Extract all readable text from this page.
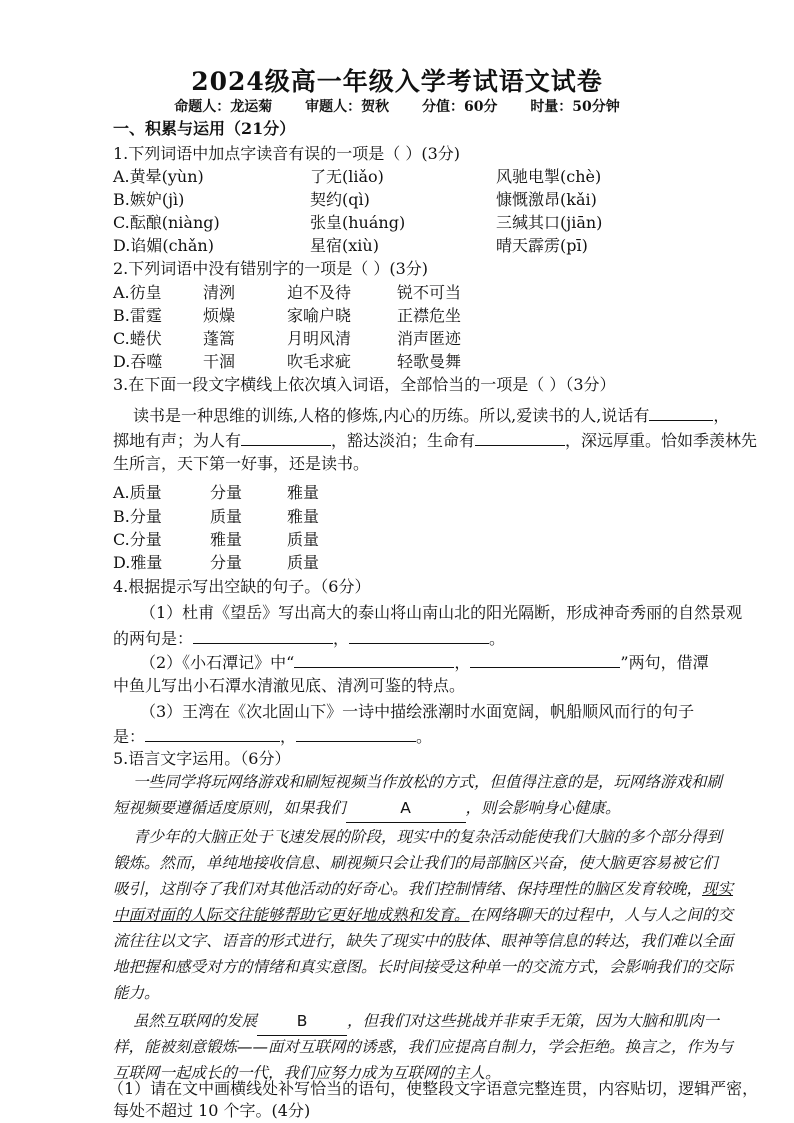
2024级高一年级入学考试语文试卷
命题人：龙运菊 审题人：贺秋 分值：60分 时量：50分钟
一、积累与运用（21分）
1.下列词语中加点字读音有误的一项是（ ）(3分)
A.黄晕(yùn)	了无(liǎo)	风驰电掣(chè)
B.嫉妒(jì)	契约(qì)	慷慨激昂(kǎi)
C.酝酿(niàng)	张皇(huáng)	三缄其口(jiān)
D.谄媚(chǎn)	星宿(xiù)	晴天霹雳(pī)
2.下列词语中没有错别字的一项是（ ）(3分)
A.彷皇	清洌	迫不及待	锐不可当
B.雷霆	烦燥	家喻户晓	正襟危坐
C.蜷伏	蓬篙	月明风清	消声匿迹
D.吞噬	干涸	吹毛求疵	轻歌曼舞
3.在下面一段文字横线上依次填入词语，全部恰当的一项是（ ）（3分）
读书是一种思维的训练,人格的修炼,内心的历练。所以,爱读书的人,说话有	，
掷地有声；为人有	，豁达淡泊；生命有	，深远厚重。恰如季羡林先
生所言，天下第一好事，还是读书。
A.质量	分量	雅量
B.分量	质量	雅量
C.分量	雅量	质量
D.雅量	分量	质量
4.根据提示写出空缺的句子。（6分）
（1）杜甫《望岳》写出高大的泰山将山南山北的阳光隔断，形成神奇秀丽的自然景观
的两句是：	，	。
（2）《小石潭记》中“	，	”两句，借潭
中鱼儿写出小石潭水清澈见底、清冽可鉴的特点。
（3）王湾在《次北固山下》一诗中描绘涨潮时水面宽阔，帆船顺风而行的句子
是：	，	。
5.语言文字运用。（6分）
一些同学将玩网络游戏和刷短视频当作放松的方式，但值得注意的是，玩网络游戏和刷
短视频要遵循适度原则，如果我们	A	，则会影响身心健康。
青少年的大脑正处于飞速发展的阶段，现实中的复杂活动能使我们大脑的多个部分得到
锻炼。然而，单纯地接收信息、刷视频只会让我们的局部脑区兴奋，使大脑更容易被它们
吸引，这削夺了我们对其他活动的好奇心。我们控制情绪、保持理性的脑区发育较晚，现实
中面对面的人际交往能够帮助它更好地成熟和发育。在网络聊天的过程中，人与人之间的交
流往往以文字、语音的形式进行，缺失了现实中的肢体、眼神等信息的转达，我们难以全面
地把握和感受对方的情绪和真实意图。长时间接受这种单一的交流方式，会影响我们的交际
能力。
虽然互联网的发展	B	，但我们对这些挑战并非束手无策，因为大脑和肌肉一
样，能被刻意锻炼——面对互联网的诱惑，我们应提高自制力，学会拒绝。换言之，作为与
互联网一起成长的一代，我们应努力成为互联网的主人。
（1）请在文中画横线处补写恰当的语句，使整段文字语意完整连贯，内容贴切，逻辑严密，
每处不超过 10 个字。(4分)
